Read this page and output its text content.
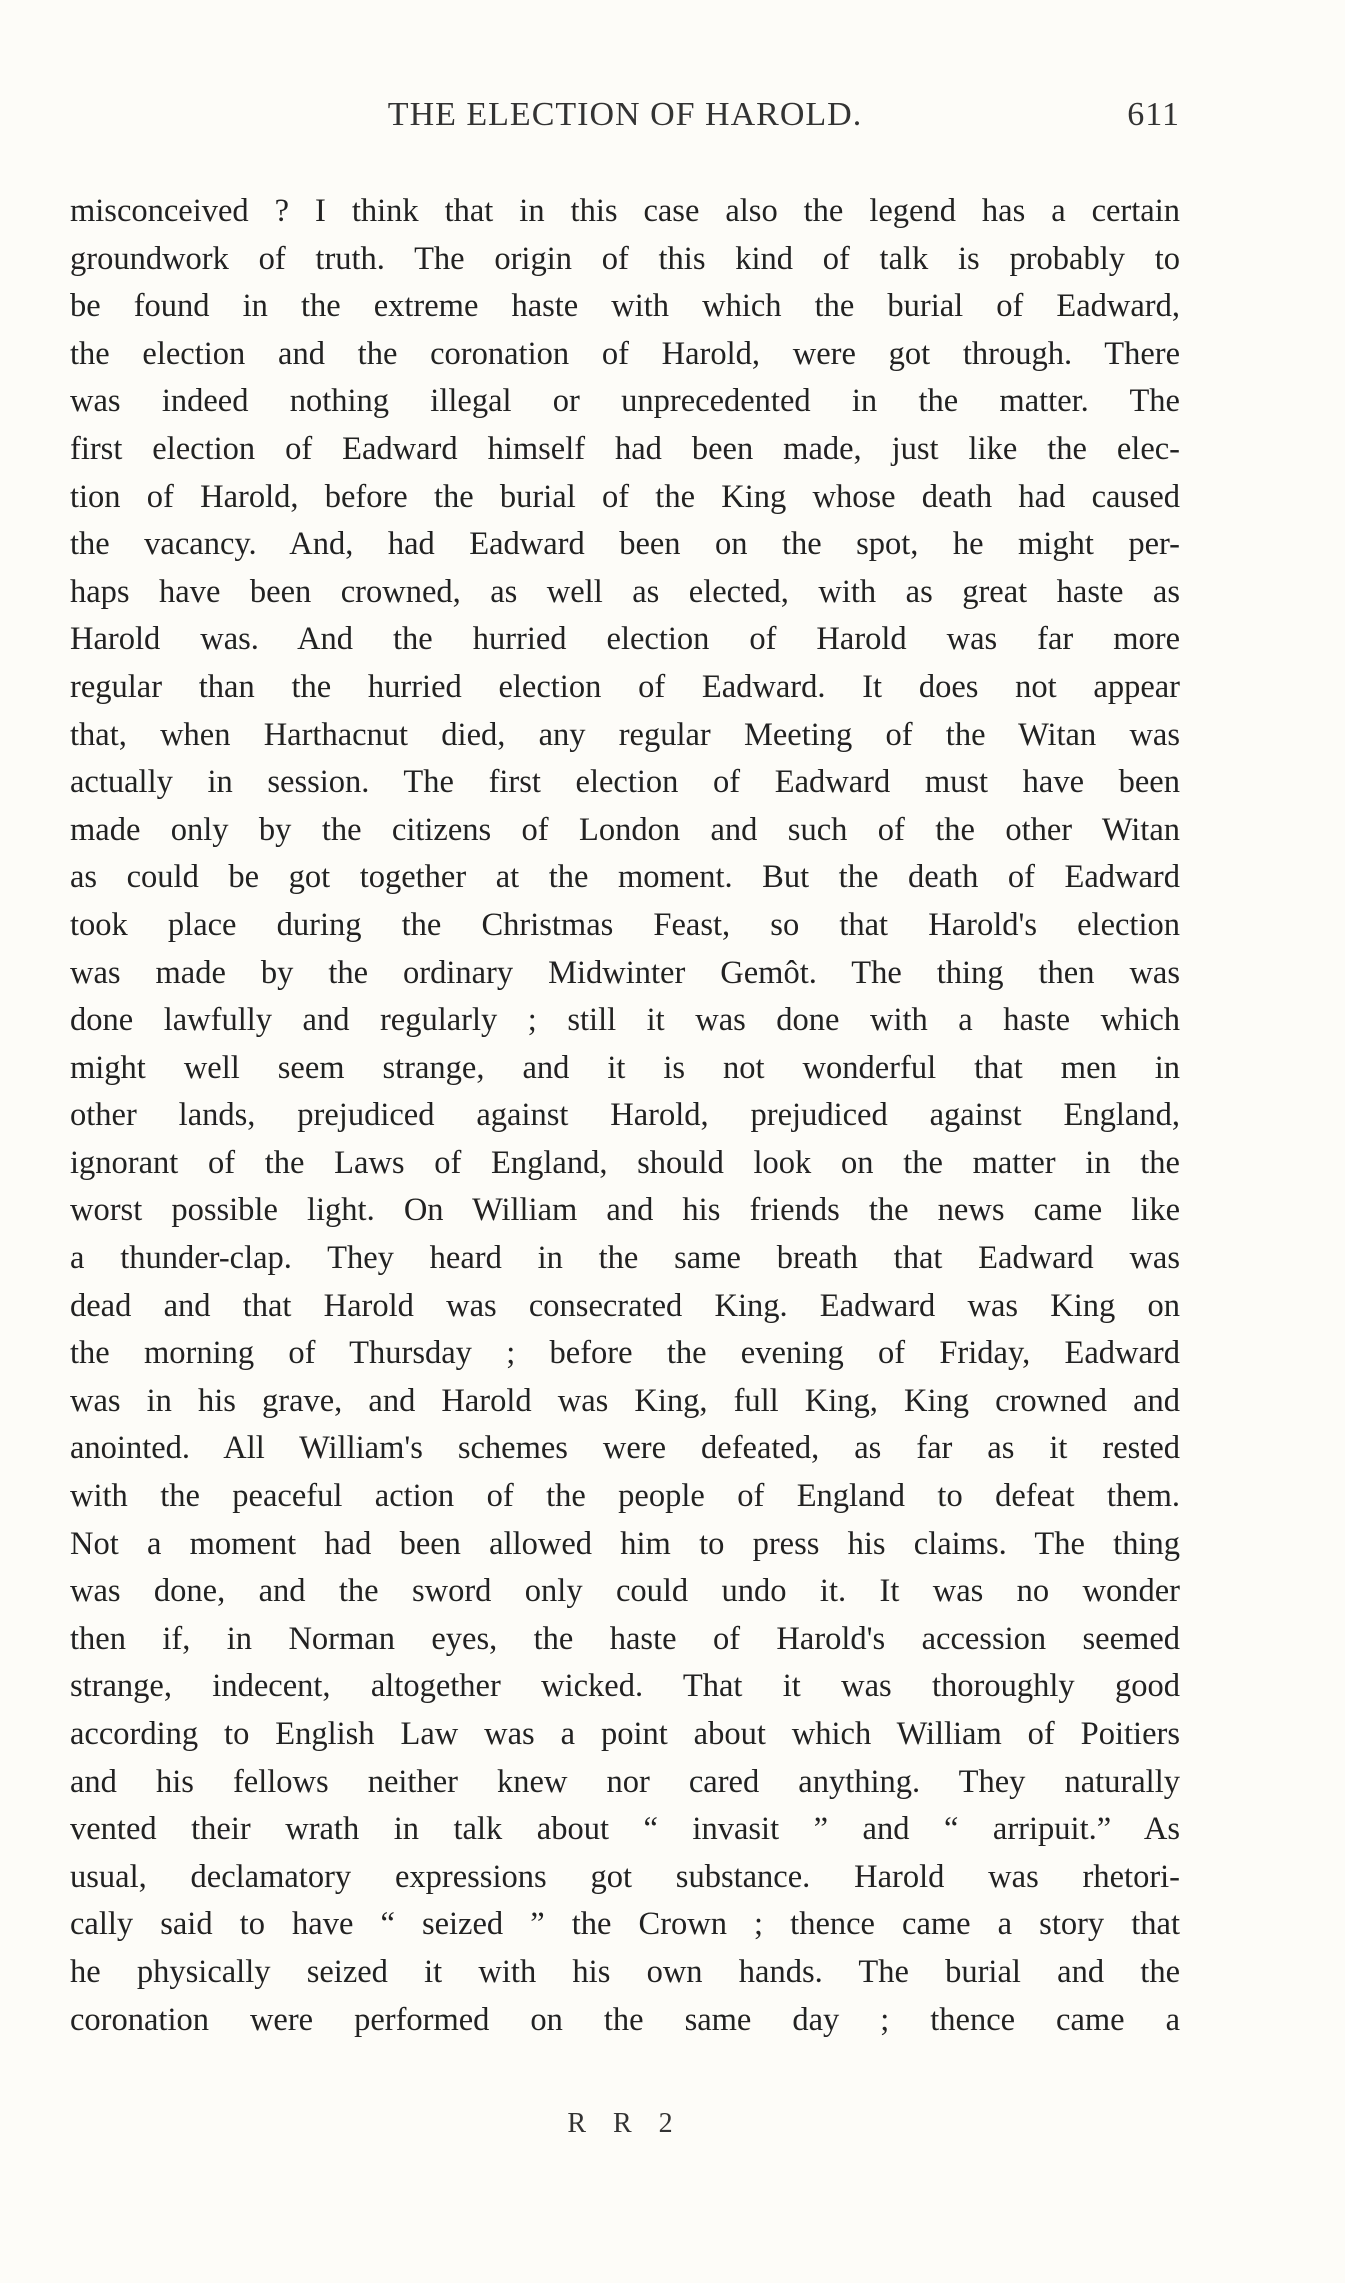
THE ELECTION OF HAROLD.	611
misconceived ? I think that in this case also the legend has a certain
groundwork of truth. The origin of this kind of talk is probably to
be found in the extreme haste with which the burial of Eadward,
the election and the coronation of Harold, were got through. There
was indeed nothing illegal or unprecedented in the matter. The
first election of Eadward himself had been made, just like the elec-
tion of Harold, before the burial of the King whose death had caused
the vacancy. And, had Eadward been on the spot, he might per-
haps have been crowned, as well as elected, with as great haste as
Harold was. And the hurried election of Harold was far more
regular than the hurried election of Eadward. It does not appear
that, when Harthacnut died, any regular Meeting of the Witan was
actually in session. The first election of Eadward must have been
made only by the citizens of London and such of the other Witan
as could be got together at the moment. But the death of Eadward
took place during the Christmas Feast, so that Harold's election
was made by the ordinary Midwinter Gemôt. The thing then was
done lawfully and regularly ; still it was done with a haste which
might well seem strange, and it is not wonderful that men in
other lands, prejudiced against Harold, prejudiced against England,
ignorant of the Laws of England, should look on the matter in the
worst possible light. On William and his friends the news came like
a thunder-clap. They heard in the same breath that Eadward was
dead and that Harold was consecrated King. Eadward was King on
the morning of Thursday ; before the evening of Friday, Eadward
was in his grave, and Harold was King, full King, King crowned and
anointed. All William's schemes were defeated, as far as it rested
with the peaceful action of the people of England to defeat them.
Not a moment had been allowed him to press his claims. The thing
was done, and the sword only could undo it. It was no wonder
then if, in Norman eyes, the haste of Harold's accession seemed
strange, indecent, altogether wicked. That it was thoroughly good
according to English Law was a point about which William of Poitiers
and his fellows neither knew nor cared anything. They naturally
vented their wrath in talk about “ invasit ” and “ arripuit.” As
usual, declamatory expressions got substance. Harold was rhetori-
cally said to have “ seized ” the Crown ; thence came a story that
he physically seized it with his own hands. The burial and the
coronation were performed on the same day ; thence came a
R R 2
